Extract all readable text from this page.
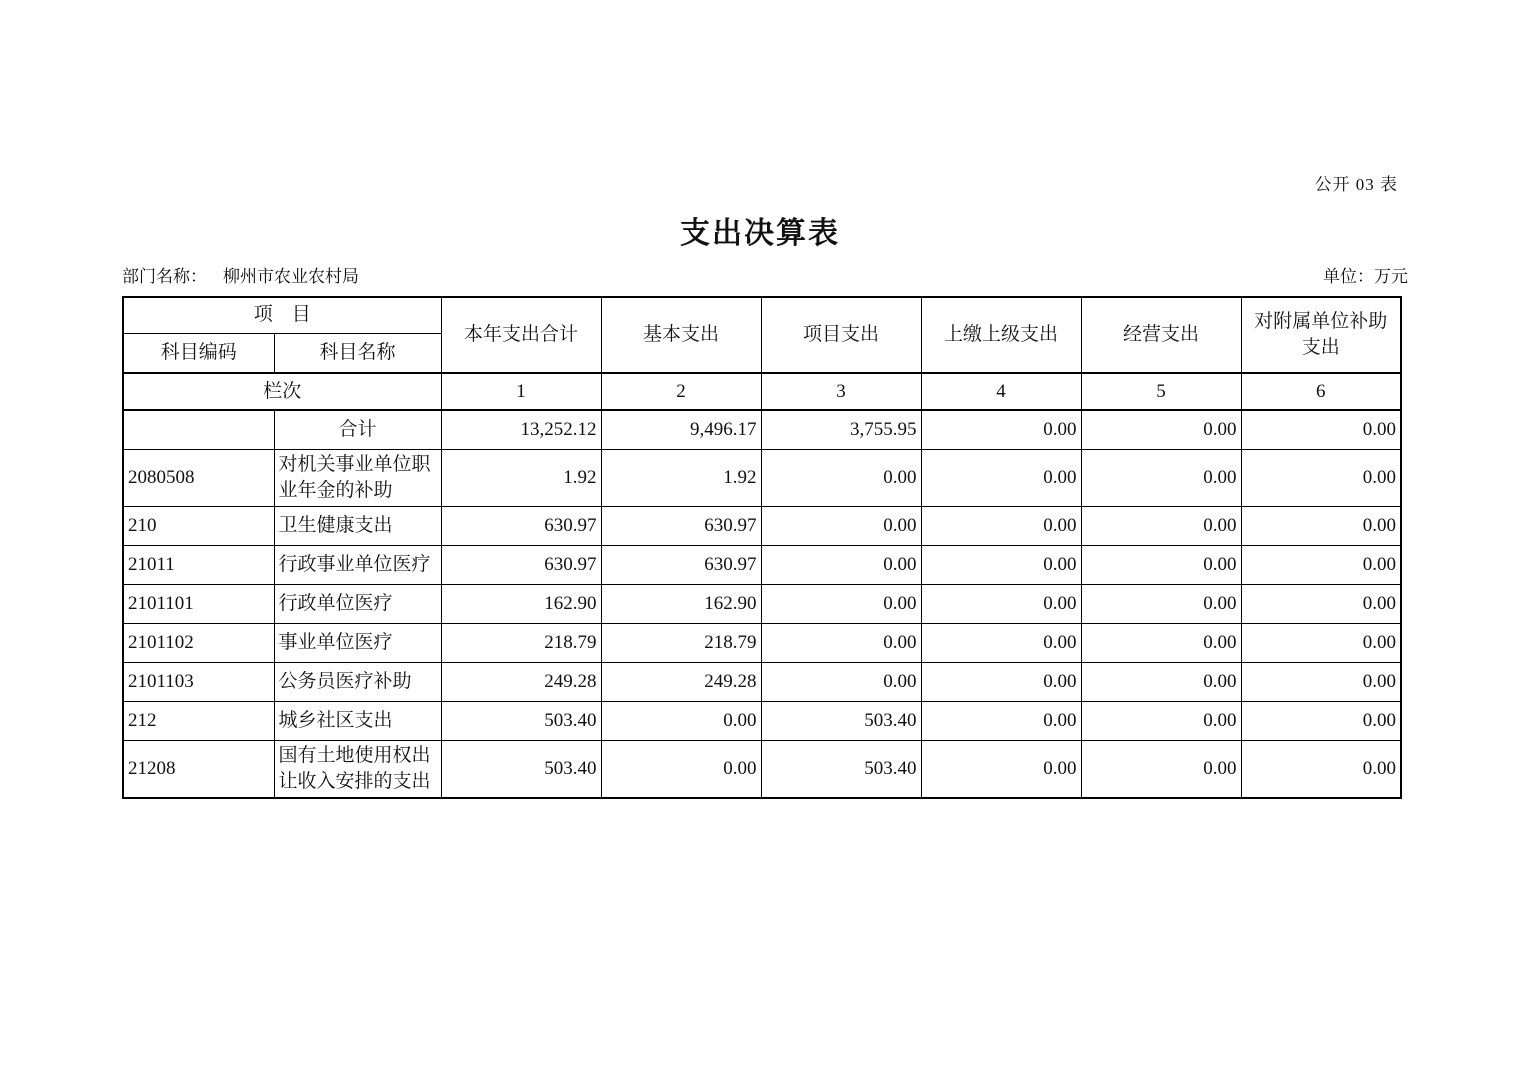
公开 03 表
支出决算表
部门名称： 柳州市农业农村局	单位：万元
项　目		本年支出合计	基本支出	项目支出	上缴上级支出	经营支出	对附属单位补助支出
科目编码	科目名称						
栏次		1	2	3	4	5	6
	合计	13,252.12	9,496.17	3,755.95	0.00	0.00	0.00
2080508	对机关事业单位职业年金的补助	1.92	1.92	0.00	0.00	0.00	0.00
210	卫生健康支出	630.97	630.97	0.00	0.00	0.00	0.00
21011	行政事业单位医疗	630.97	630.97	0.00	0.00	0.00	0.00
2101101	行政单位医疗	162.90	162.90	0.00	0.00	0.00	0.00
2101102	事业单位医疗	218.79	218.79	0.00	0.00	0.00	0.00
2101103	公务员医疗补助	249.28	249.28	0.00	0.00	0.00	0.00
212	城乡社区支出	503.40	0.00	503.40	0.00	0.00	0.00
21208	国有土地使用权出让收入安排的支出	503.40	0.00	503.40	0.00	0.00	0.00
